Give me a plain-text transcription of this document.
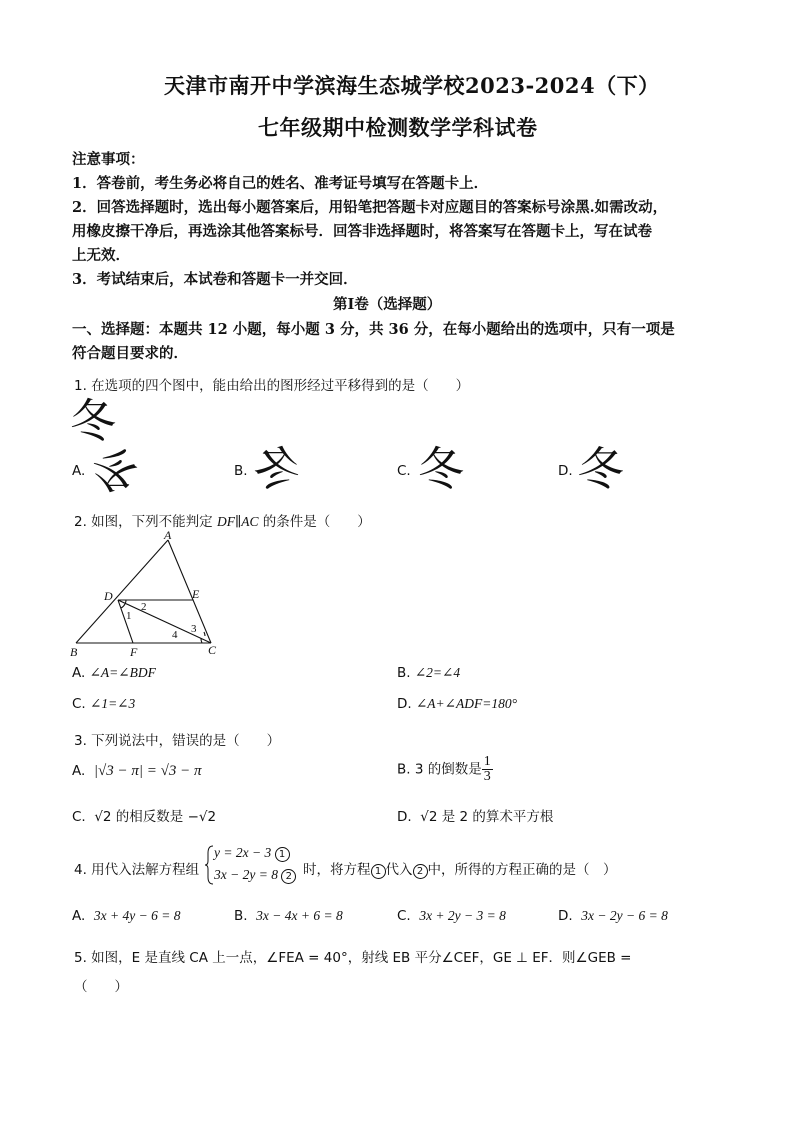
天津市南开中学滨海生态城学校2023-2024（下）
七年级期中检测数学学科试卷
注意事项：
1．答卷前，考生务必将自己的姓名、准考证号填写在答题卡上．
2．回答选择题时，选出每小题答案后，用铅笔把答题卡对应题目的答案标号涂黑.如需改动，
用橡皮擦干净后，再选涂其他答案标号．回答非选择题时，将答案写在答题卡上，写在试卷
上无效．
3．考试结束后，本试卷和答题卡一并交回．
第Ⅰ卷（选择题）
一、选择题：本题共 12 小题，每小题 3 分，共 36 分，在每小题给出的选项中，只有一项是
符合题目要求的．
1. 在选项的四个图中，能由给出的图形经过平移得到的是（　　）
冬
A. 冬	B. 冬	C. 冬	D. 冬
2. 如图，下列不能判定 DF∥AC 的条件是（　　）
A
B	C
D	E
F
1
2
3
4
A. ∠A=∠BDF	B. ∠2=∠4
C. ∠1=∠3	D. ∠A+∠ADF=180°
3. 下列说法中，错误的是（　　）
A. |√3 − π| = √3 − π	B. 3 的倒数是 $\frac{1}{3}$
C. √2 的相反数是 −√2	D. √2 是 2 的算术平方根
4. 用代入法解方程组
y = 2x − 3 1
3x − 2y = 8 2 时，将方程 1 代入 2 中，所得的方程正确的是（　）
A. 3x + 4y − 6 = 8	B. 3x − 4x + 6 = 8	C. 3x + 2y − 3 = 8	D. 3x − 2y − 6 = 8
5. 如图，E 是直线 CA 上一点，∠FEA = 40°，射线 EB 平分∠CEF，GE ⊥ EF．则∠GEB =
（　　）
